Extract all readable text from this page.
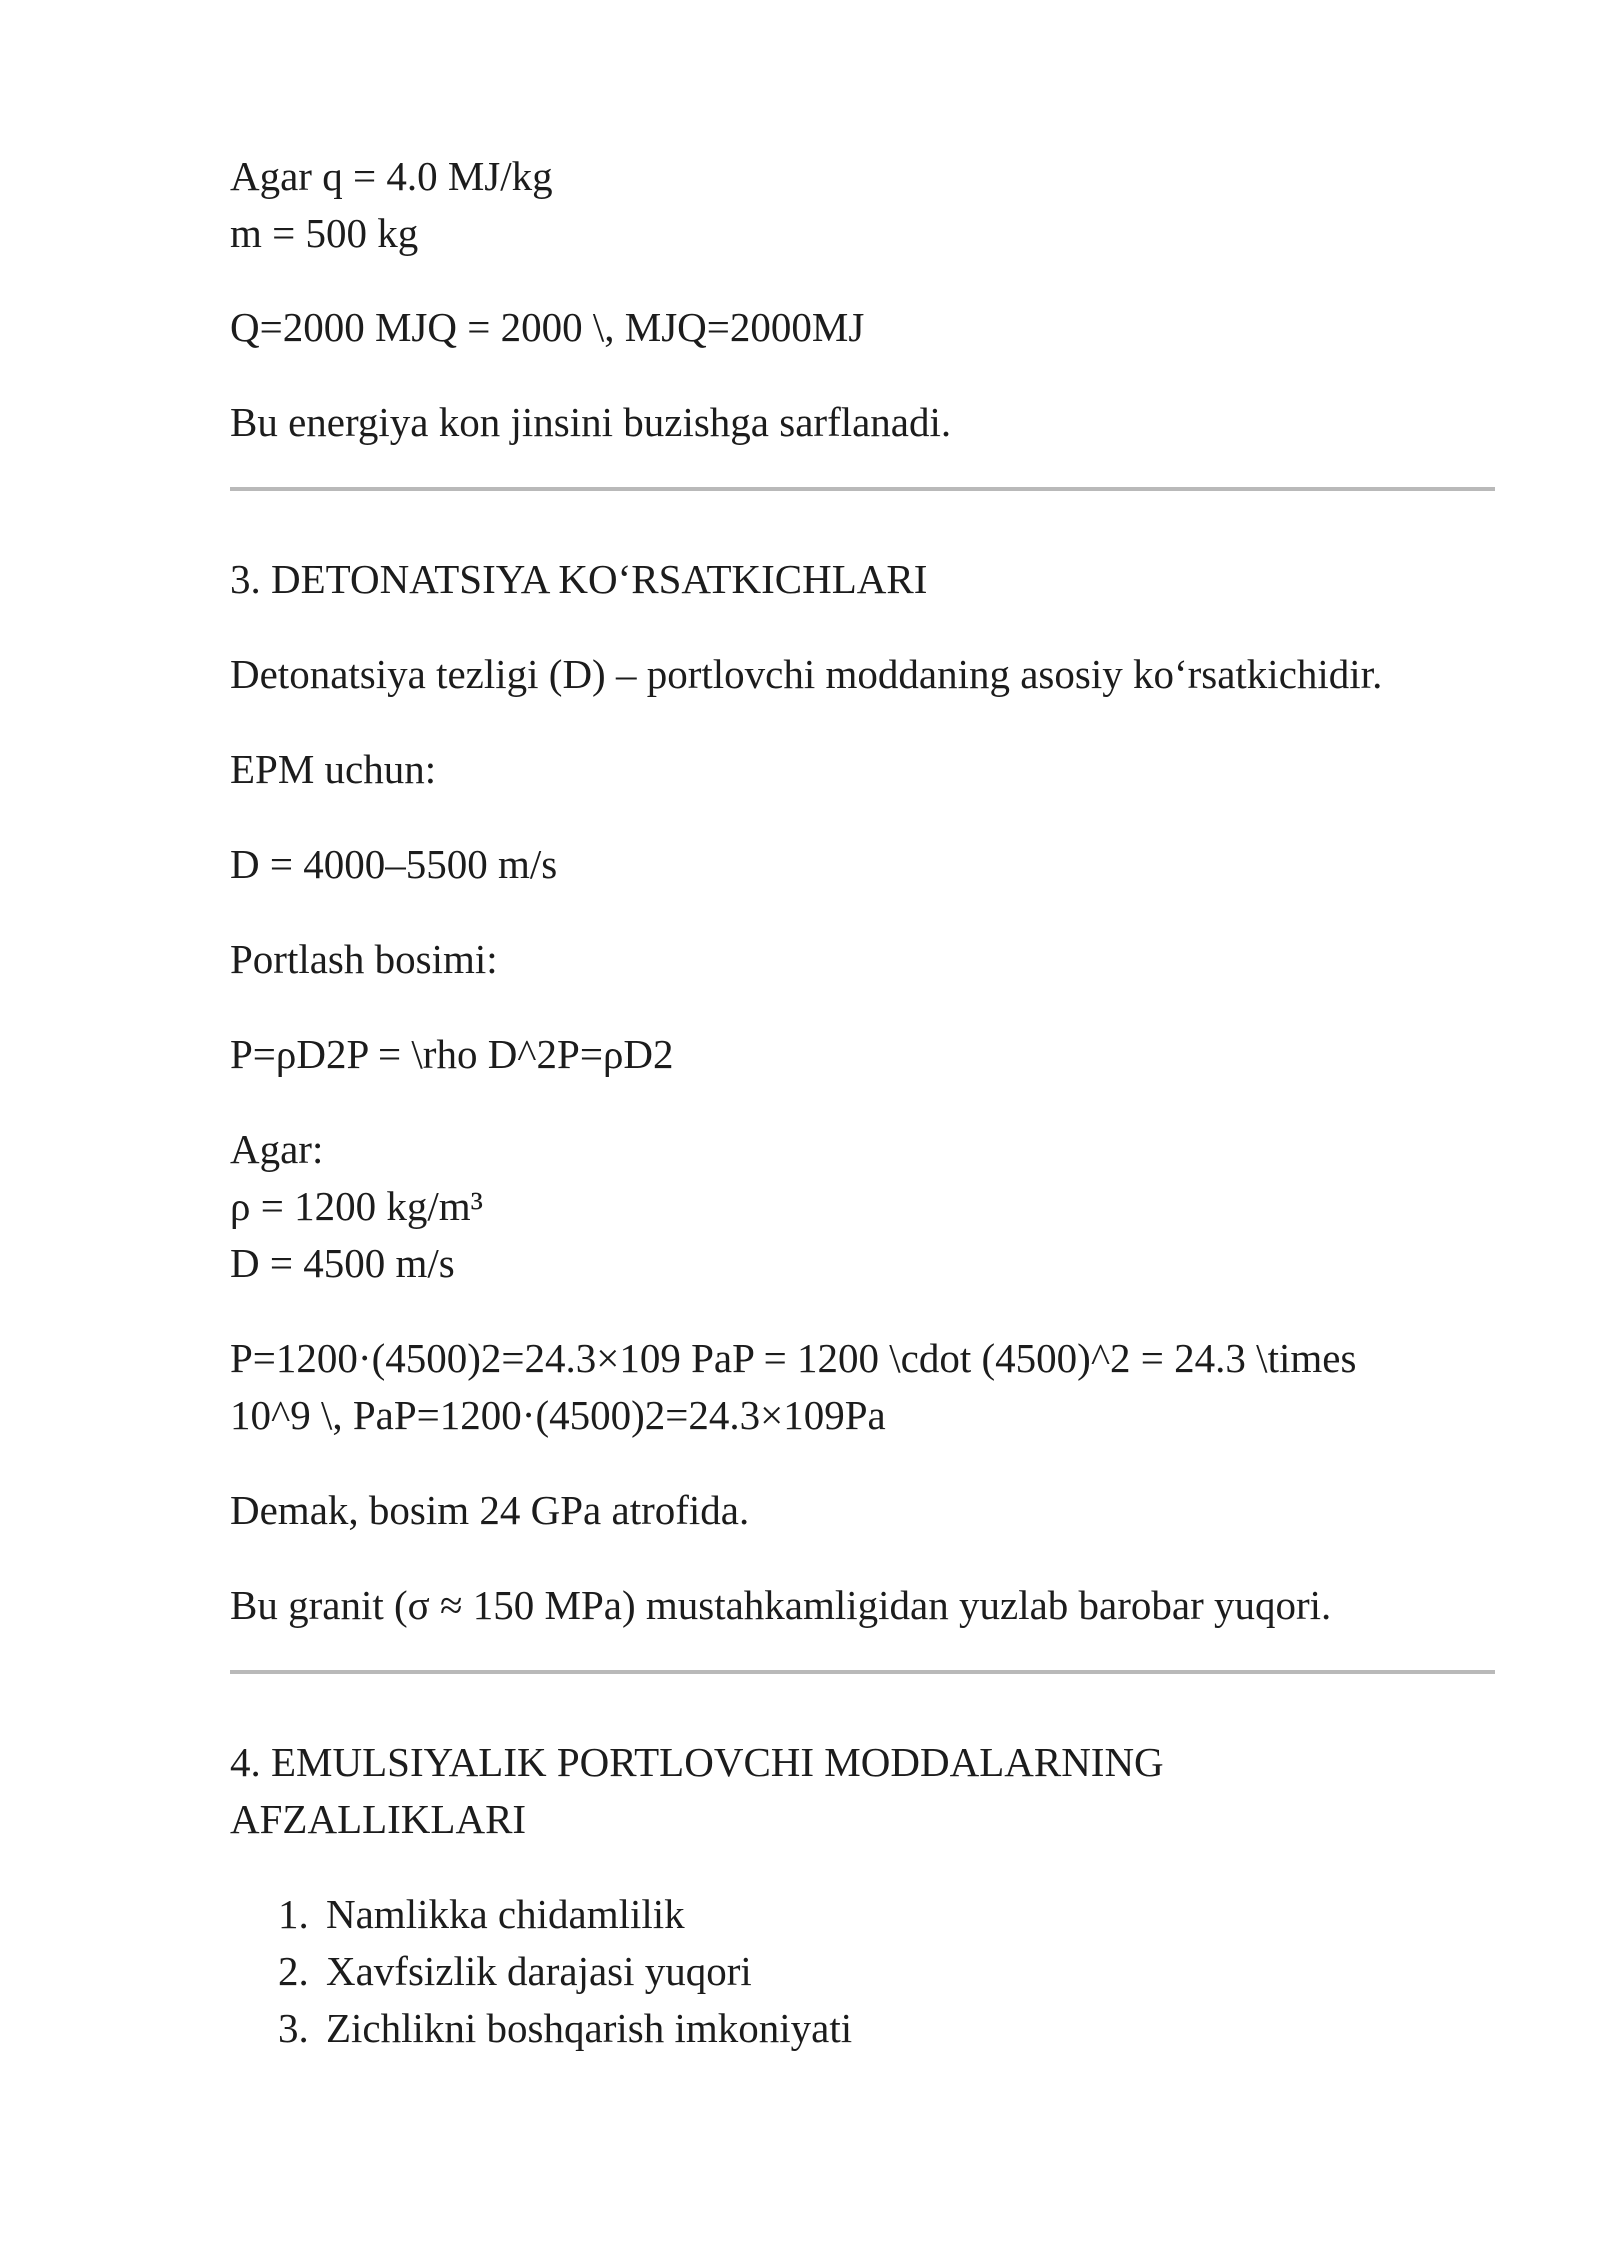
Agar q = 4.0 MJ/kg
m = 500 kg

Q=2000 MJQ = 2000 \, MJQ=2000MJ

Bu energiya kon jinsini buzishga sarflanadi.

3. DETONATSIYA KO‘RSATKICHLARI

Detonatsiya tezligi (D) – portlovchi moddaning asosiy ko‘rsatkichidir.

EPM uchun:

D = 4000–5500 m/s

Portlash bosimi:

P=ρD2P = \rho D^2P=ρD2

Agar:
ρ = 1200 kg/m³
D = 4500 m/s

P=1200·(4500)2=24.3×109 PaP = 1200 \cdot (4500)^2 = 24.3 \times
10^9 \, PaP=1200·(4500)2=24.3×109Pa

Demak, bosim 24 GPa atrofida.

Bu granit (σ ≈ 150 MPa) mustahkamligidan yuzlab barobar yuqori.

4. EMULSIYALIK PORTLOVCHI MODDALARNING
AFZALLIKLARI
1. Namlikka chidamlilik
2. Xavfsizlik darajasi yuqori
3. Zichlikni boshqarish imkoniyati
